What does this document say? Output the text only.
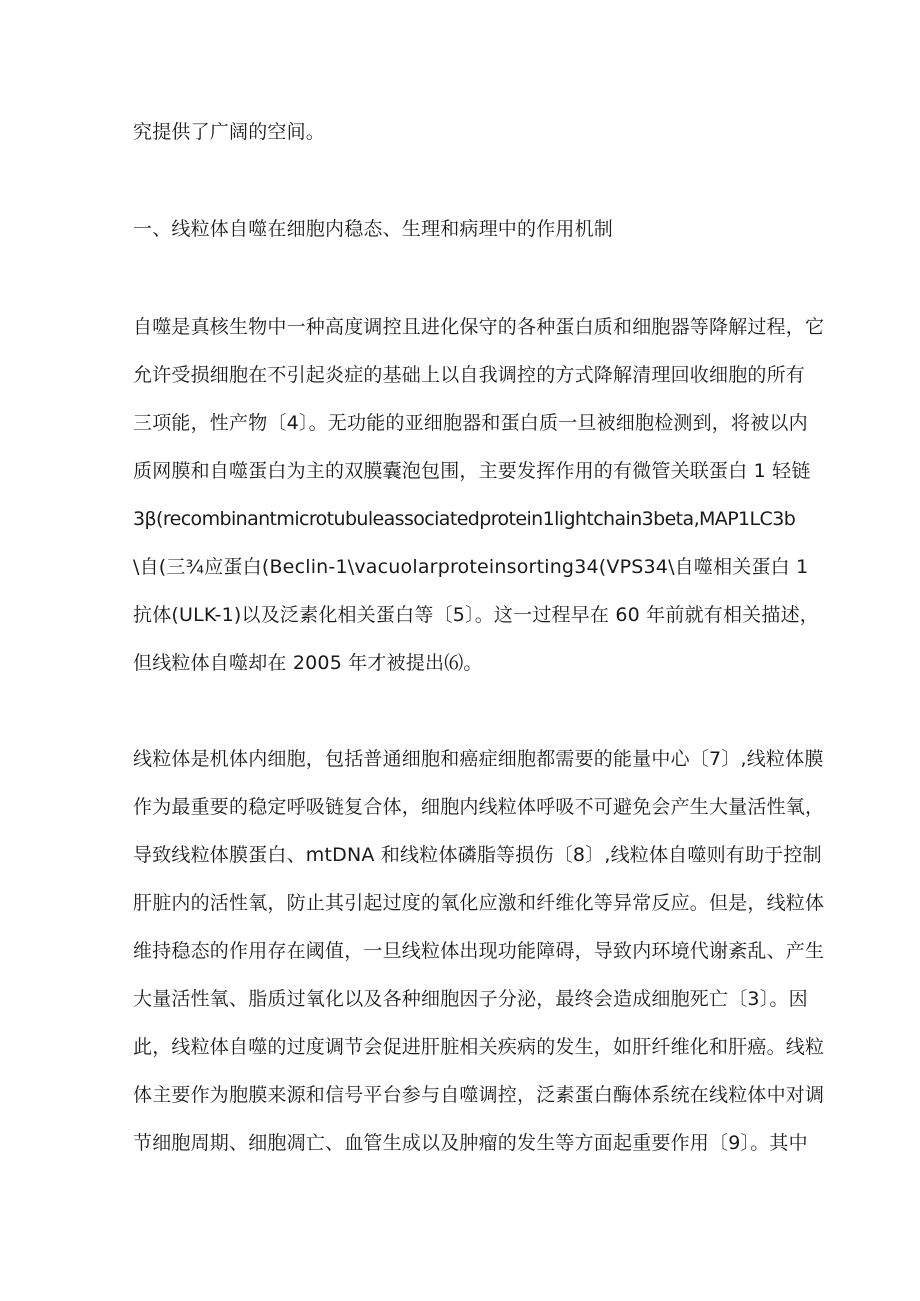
究提供了广阔的空间。
一、线粒体自噬在细胞内稳态、生理和病理中的作用机制
自噬是真核生物中一种高度调控且进化保守的各种蛋白质和细胞器等降解过程，它
允许受损细胞在不引起炎症的基础上以自我调控的方式降解清理回收细胞的所有
三项能，性产物〔4〕。无功能的亚细胞器和蛋白质一旦被细胞检测到，将被以内
质网膜和自噬蛋白为主的双膜囊泡包围，主要发挥作用的有微管关联蛋白 1 轻链
3β(recombinantmicrotubuleassociatedprotein1lightchain3beta,MAP1LC3b
\自(三¾应蛋白(Beclin-1\vacuolarproteinsorting34(VPS34\自噬相关蛋白 1
抗体(ULK-1)以及泛素化相关蛋白等〔5〕。这一过程早在 60 年前就有相关描述，
但线粒体自噬却在 2005 年才被提出⑹。
线粒体是机体内细胞，包括普通细胞和癌症细胞都需要的能量中心〔7〕,线粒体膜
作为最重要的稳定呼吸链复合体，细胞内线粒体呼吸不可避免会产生大量活性氧，
导致线粒体膜蛋白、mtDNA 和线粒体磷脂等损伤〔8〕,线粒体自噬则有助于控制
肝脏内的活性氧，防止其引起过度的氧化应激和纤维化等异常反应。但是，线粒体
维持稳态的作用存在阈值，一旦线粒体出现功能障碍，导致内环境代谢紊乱、产生
大量活性氧、脂质过氧化以及各种细胞因子分泌，最终会造成细胞死亡〔3〕。因
此，线粒体自噬的过度调节会促进肝脏相关疾病的发生，如肝纤维化和肝癌。线粒
体主要作为胞膜来源和信号平台参与自噬调控，泛素蛋白酶体系统在线粒体中对调
节细胞周期、细胞凋亡、血管生成以及肿瘤的发生等方面起重要作用〔9〕。其中
